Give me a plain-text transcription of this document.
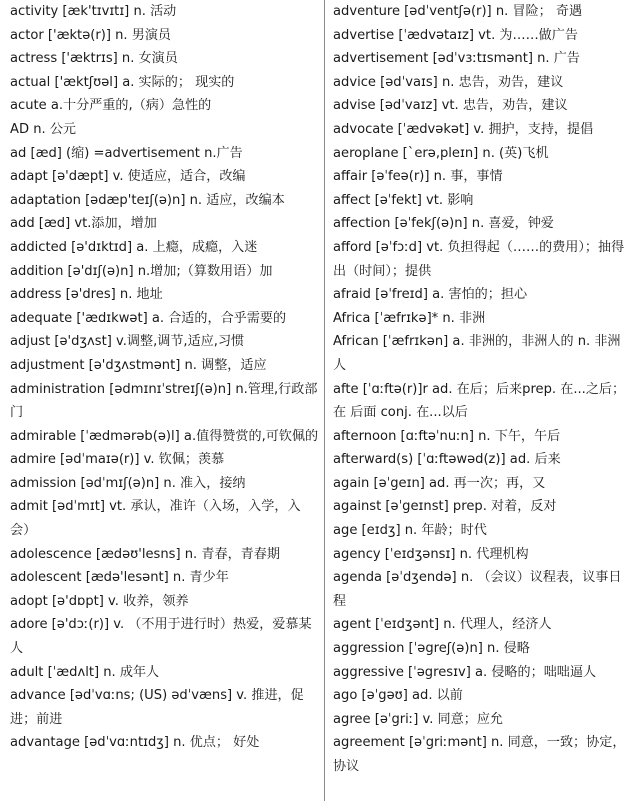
activity [æk'tɪvɪtɪ] n. 活动

actor ['æktə(r)] n. 男演员

actress ['æktrɪs] n. 女演员

actual ['æktʃʊəl] a. 实际的； 现实的

acute a.十分严重的,（病）急性的

AD n. 公元

ad [æd] (缩) =advertisement n.广告

adapt [ə'dæpt] v. 使适应，适合，改编

adaptation [ədæp'teɪʃ(ə)n] n. 适应，改编本

add [æd] vt.添加，增加

addicted [ə'dɪktɪd] a. 上瘾，成瘾，入迷

addition [ə'dɪʃ(ə)n] n.增加;（算数用语）加

address [ə'dres] n. 地址

adequate ['ædɪkwət] a. 合适的，合乎需要的

adjust [ə'dʒʌst] v.调整,调节,适应,习惯

adjustment [ə'dʒʌstmənt] n. 调整，适应

administration [ədmɪnɪˈstreɪʃ(ə)n] n.管理,行政部门

admirable [ˈædmərəb(ə)l] a.值得赞赏的,可钦佩的

admire [ədˈmaɪə(r)] v. 钦佩；羡慕

admission [ədˈmɪʃ(ə)n] n. 准入，接纳

admit [ədˈmɪt] vt. 承认，准许（入场，入学，入会）

adolescence [ædəʊ'lesns] n. 青春，青春期

adolescent [ædə'lesənt] n. 青少年

adopt [ə'dɒpt] v. 收养，领养

adore [ə'dɔː(r)] v. （不用于进行时）热爱，爱慕某人

adult [ˈædʌlt] n. 成年人

advance [ədˈvɑːns; (US) ədˈvæns] v. 推进，促进；前进

advantage [ədˈvɑːntɪdʒ] n. 优点； 好处

adventure [ədˈventʃə(r)] n. 冒险； 奇遇

advertise [ˈædvətaɪz] vt. 为……做广告

advertisement [ədˈvɜːtɪsmənt] n. 广告

advice [ədˈvaɪs] n. 忠告，劝告，建议

advise [ədˈvaɪz] vt. 忠告，劝告，建议

advocate [ˈædvəkət] v. 拥护，支持，提倡

aeroplane [ˋerə,pleɪn] n. (英)飞机

affair [əˈfeə(r)] n. 事，事情

affect [əˈfekt] vt. 影响

affection [əˈfekʃ(ə)n] n. 喜爱，钟爱

afford [əˈfɔːd] vt. 负担得起（……的费用）；抽得出（时间）；提供

afraid [əˈfreɪd] a. 害怕的；担心

Africa [ˈæfrɪkə]* n. 非洲

African [ˈæfrɪkən] a. 非洲的，非洲人的 n. 非洲人

afte [ˈɑːftə(r)]r ad. 在后；后来prep. 在...之后；在 后面 conj. 在...以后

afternoon [ɑːftəˈnuːn] n. 下午，午后

afterward(s) [ˈɑːftəwəd(z)] ad. 后来

again [əˈgeɪn] ad. 再一次；再，又

against [əˈgeɪnst] prep. 对着，反对

age [eɪdʒ] n. 年龄；时代

agency [ˈeɪdʒənsɪ] n. 代理机构

agenda [əˈdʒendə] n. （会议）议程表，议事日程

agent [ˈeɪdʒənt] n. 代理人，经济人

aggression [ˈəgreʃ(ə)n] n. 侵略

aggressive [ˈəgresɪv] a. 侵略的；咄咄逼人

ago [əˈgəʊ] ad. 以前

agree [əˈgriː] v. 同意；应允

agreement [əˈgriːmənt] n. 同意，一致；协定，协议
